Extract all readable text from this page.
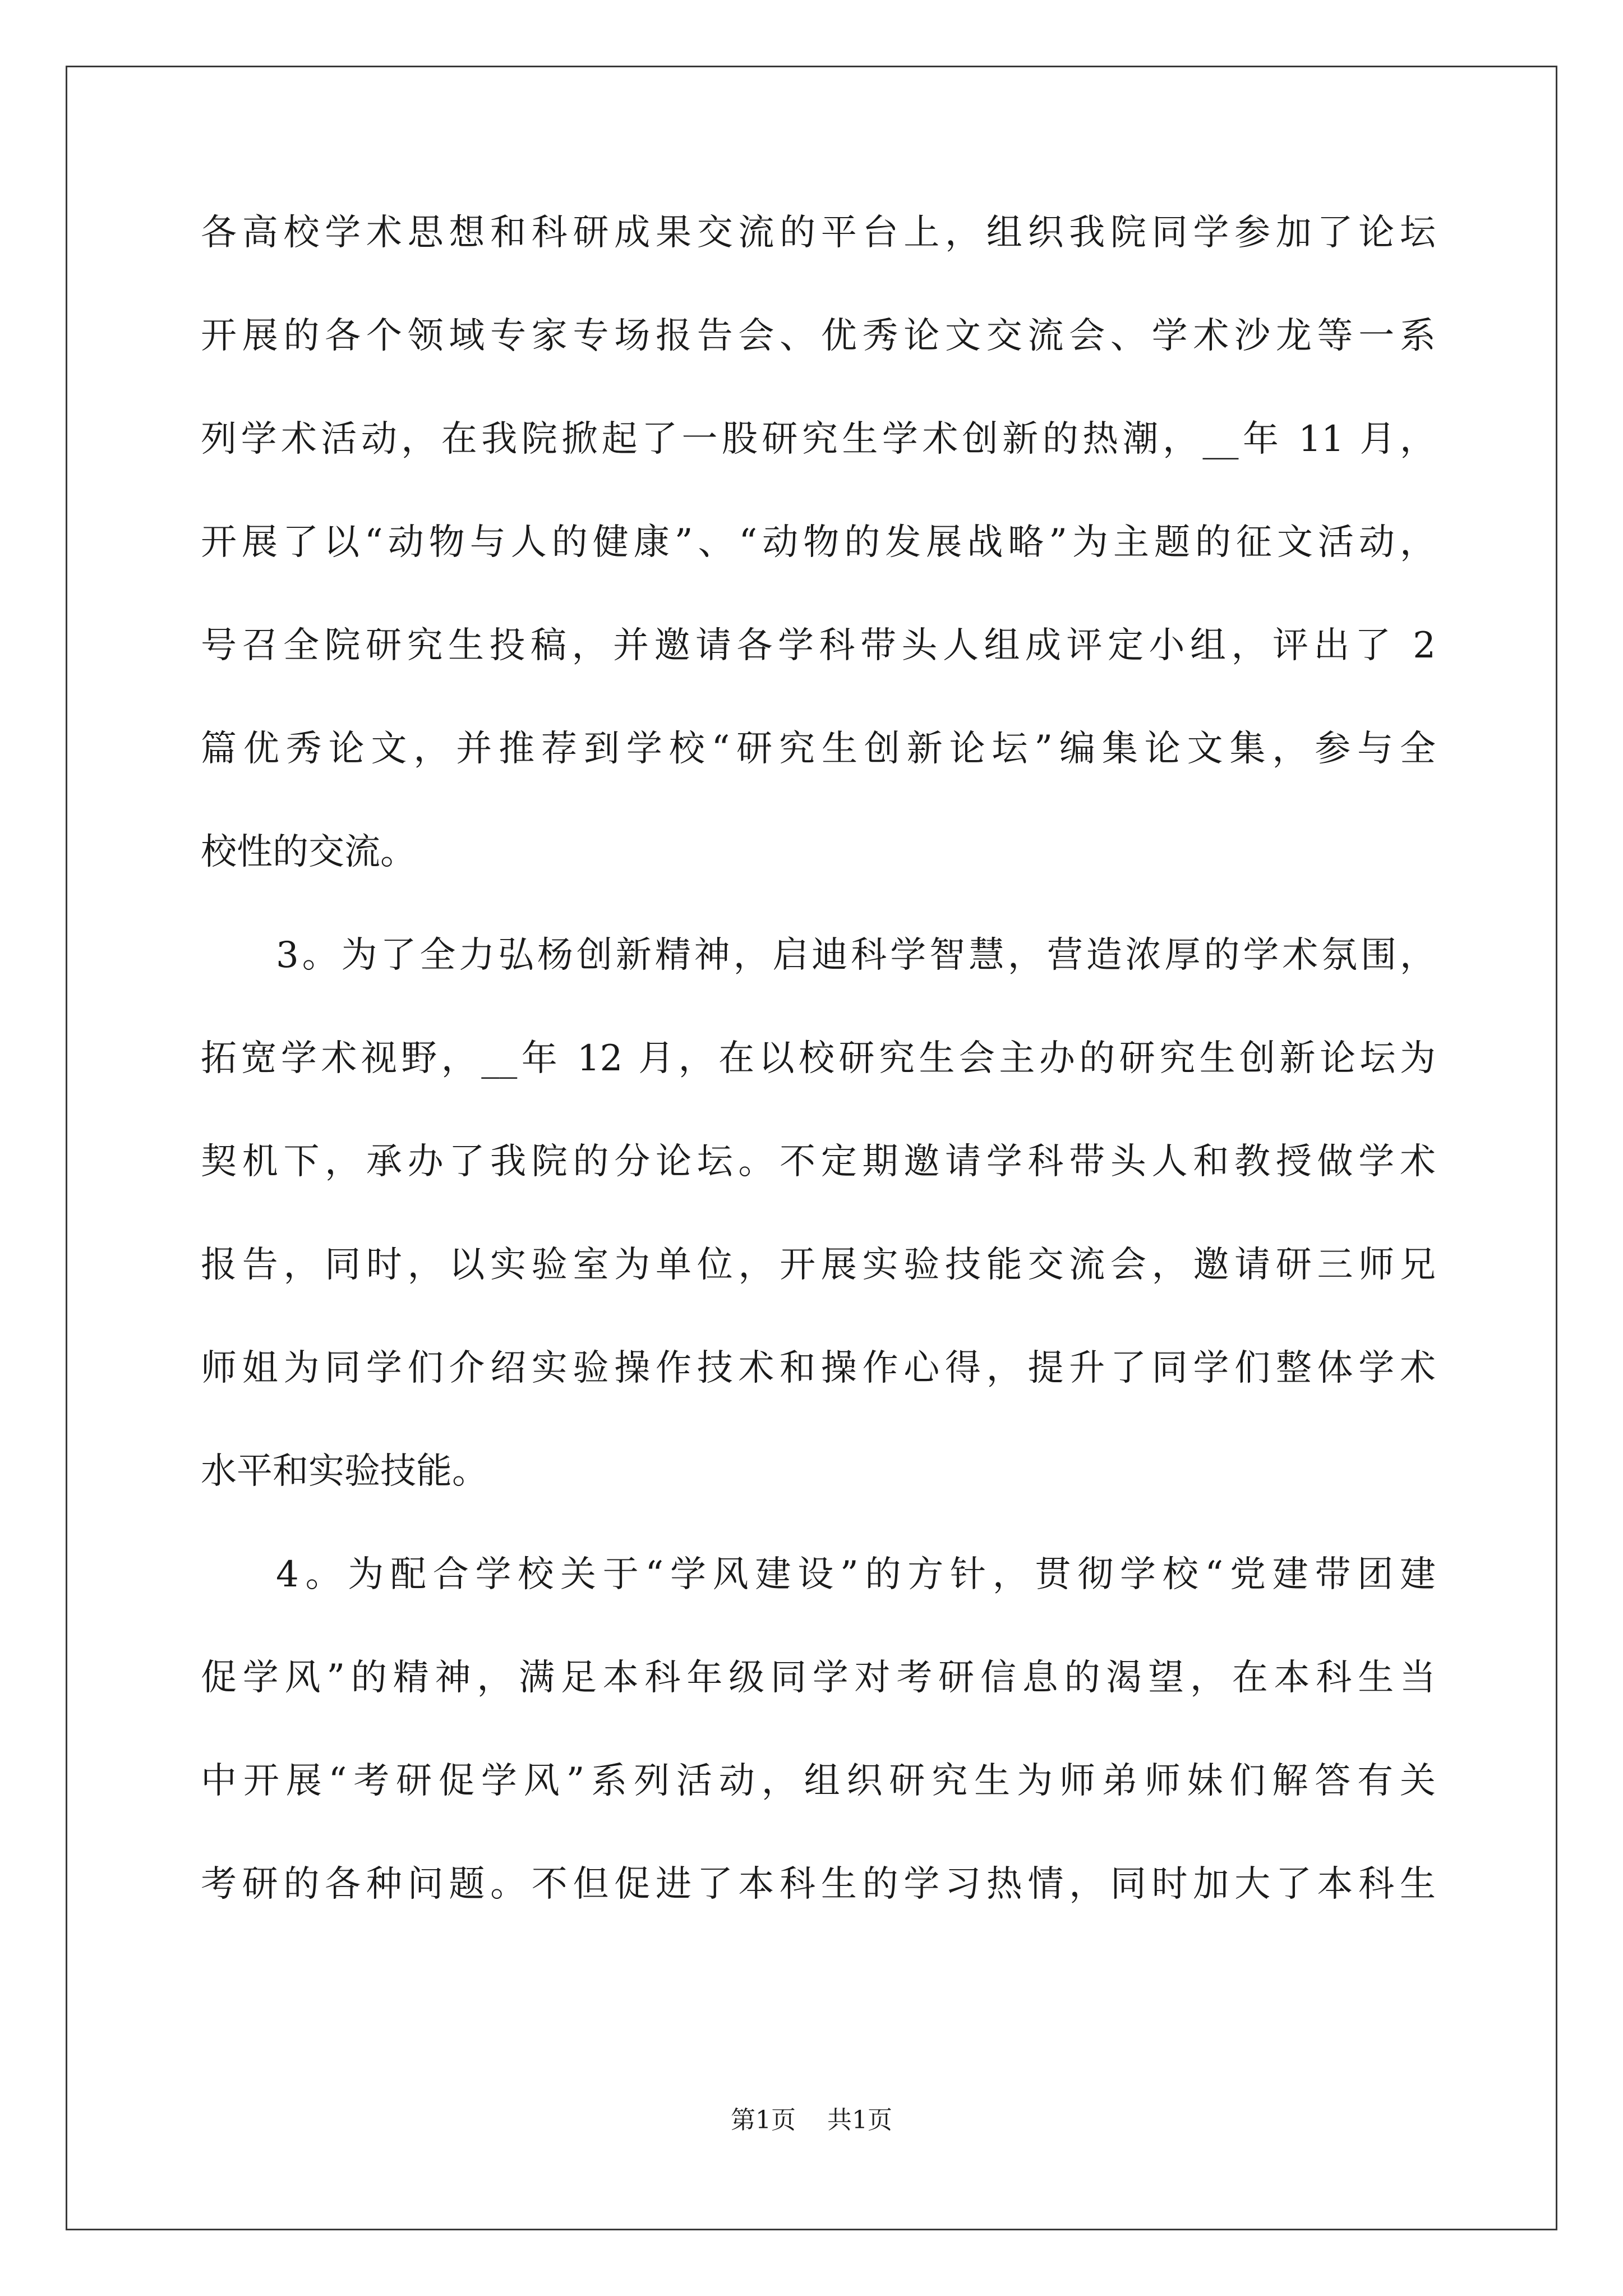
各高校学术思想和科研成果交流的平台上，组织我院同学参加了论坛
开展的各个领域专家专场报告会、优秀论文交流会、学术沙龙等一系
列学术活动，在我院掀起了一股研究生学术创新的热潮，__年 11 月，
开展了以“动物与人的健康”、“动物的发展战略”为主题的征文活动，
号召全院研究生投稿，并邀请各学科带头人组成评定小组，评出了 2
篇优秀论文，并推荐到学校“研究生创新论坛”编集论文集，参与全
校性的交流。
3。为了全力弘杨创新精神，启迪科学智慧，营造浓厚的学术氛围，
拓宽学术视野，__年 12 月，在以校研究生会主办的研究生创新论坛为
契机下，承办了我院的分论坛。不定期邀请学科带头人和教授做学术
报告，同时，以实验室为单位，开展实验技能交流会，邀请研三师兄
师姐为同学们介绍实验操作技术和操作心得，提升了同学们整体学术
水平和实验技能。
4。为配合学校关于“学风建设”的方针，贯彻学校“党建带团建
促学风”的精神，满足本科年级同学对考研信息的渴望，在本科生当
中开展“考研促学风”系列活动，组织研究生为师弟师妹们解答有关
考研的各种问题。不但促进了本科生的学习热情，同时加大了本科生
第1页 共1页
